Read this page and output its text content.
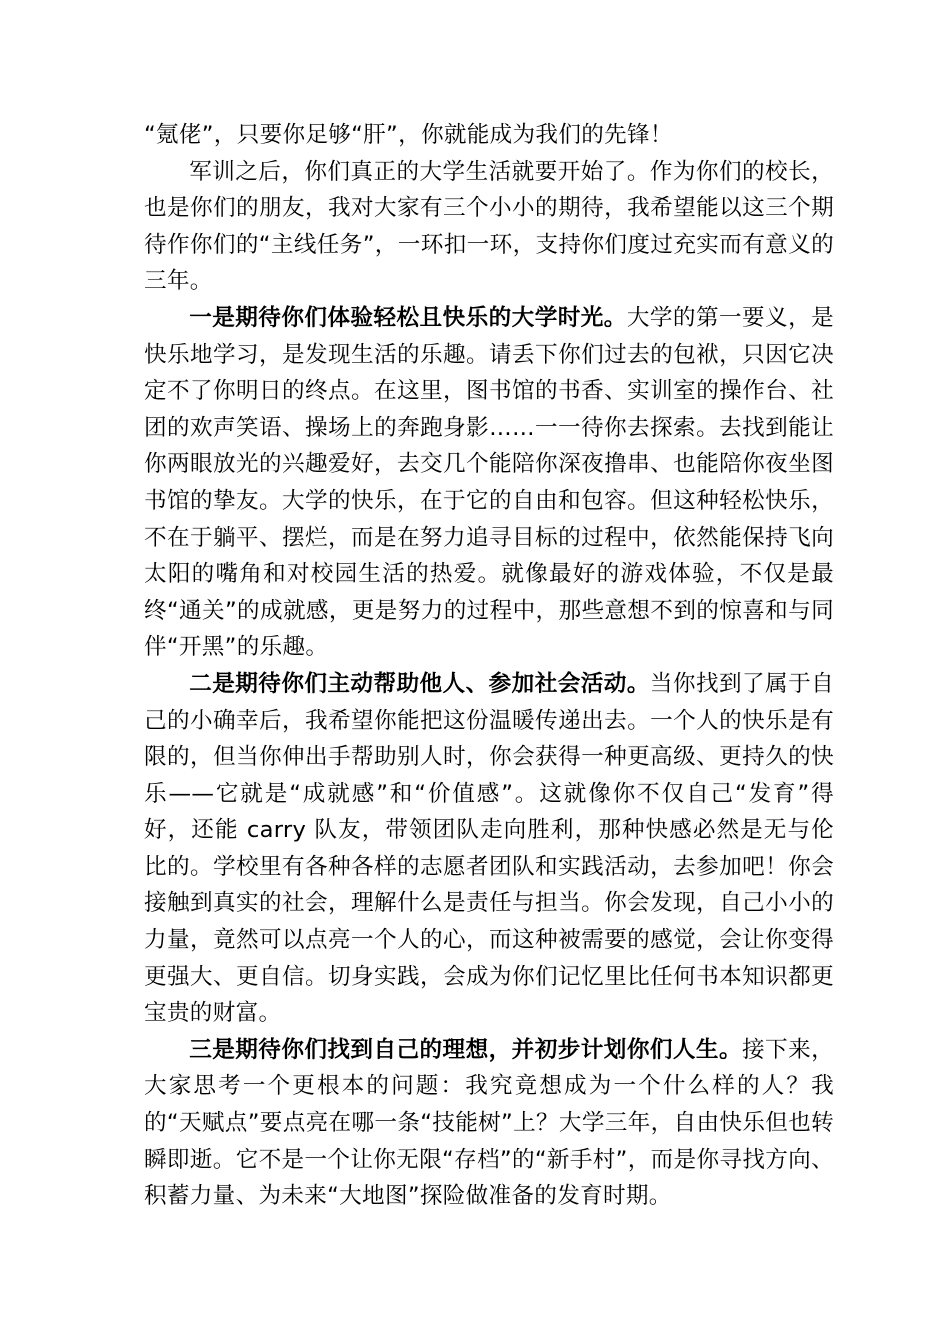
“氪佬”，只要你足够“肝”，你就能成为我们的先锋！

军训之后，你们真正的大学生活就要开始了。作为你们的校长，也是你们的朋友，我对大家有三个小小的期待，我希望能以这三个期待作你们的“主线任务”，一环扣一环，支持你们度过充实而有意义的三年。

一是期待你们体验轻松且快乐的大学时光。大学的第一要义，是快乐地学习，是发现生活的乐趣。请丢下你们过去的包袱，只因它决定不了你明日的终点。在这里，图书馆的书香、实训室的操作台、社团的欢声笑语、操场上的奔跑身影……一一待你去探索。去找到能让你两眼放光的兴趣爱好，去交几个能陪你深夜撸串、也能陪你夜坐图书馆的挚友。大学的快乐，在于它的自由和包容。但这种轻松快乐，不在于躺平、摆烂，而是在努力追寻目标的过程中，依然能保持飞向太阳的嘴角和对校园生活的热爱。就像最好的游戏体验，不仅是最终“通关”的成就感，更是努力的过程中，那些意想不到的惊喜和与同伴“开黑”的乐趣。

二是期待你们主动帮助他人、参加社会活动。当你找到了属于自己的小确幸后，我希望你能把这份温暖传递出去。一个人的快乐是有限的，但当你伸出手帮助别人时，你会获得一种更高级、更持久的快乐——它就是“成就感”和“价值感”。这就像你不仅自己“发育”得好，还能 carry 队友，带领团队走向胜利，那种快感必然是无与伦比的。学校里有各种各样的志愿者团队和实践活动，去参加吧！你会接触到真实的社会，理解什么是责任与担当。你会发现，自己小小的力量，竟然可以点亮一个人的心，而这种被需要的感觉，会让你变得更强大、更自信。切身实践，会成为你们记忆里比任何书本知识都更宝贵的财富。

三是期待你们找到自己的理想，并初步计划你们人生。接下来，大家思考一个更根本的问题：我究竟想成为一个什么样的人？我的“天赋点”要点亮在哪一条“技能树”上？大学三年，自由快乐但也转瞬即逝。它不是一个让你无限“存档”的“新手村”，而是你寻找方向、积蓄力量、为未来“大地图”探险做准备的发育时期。
